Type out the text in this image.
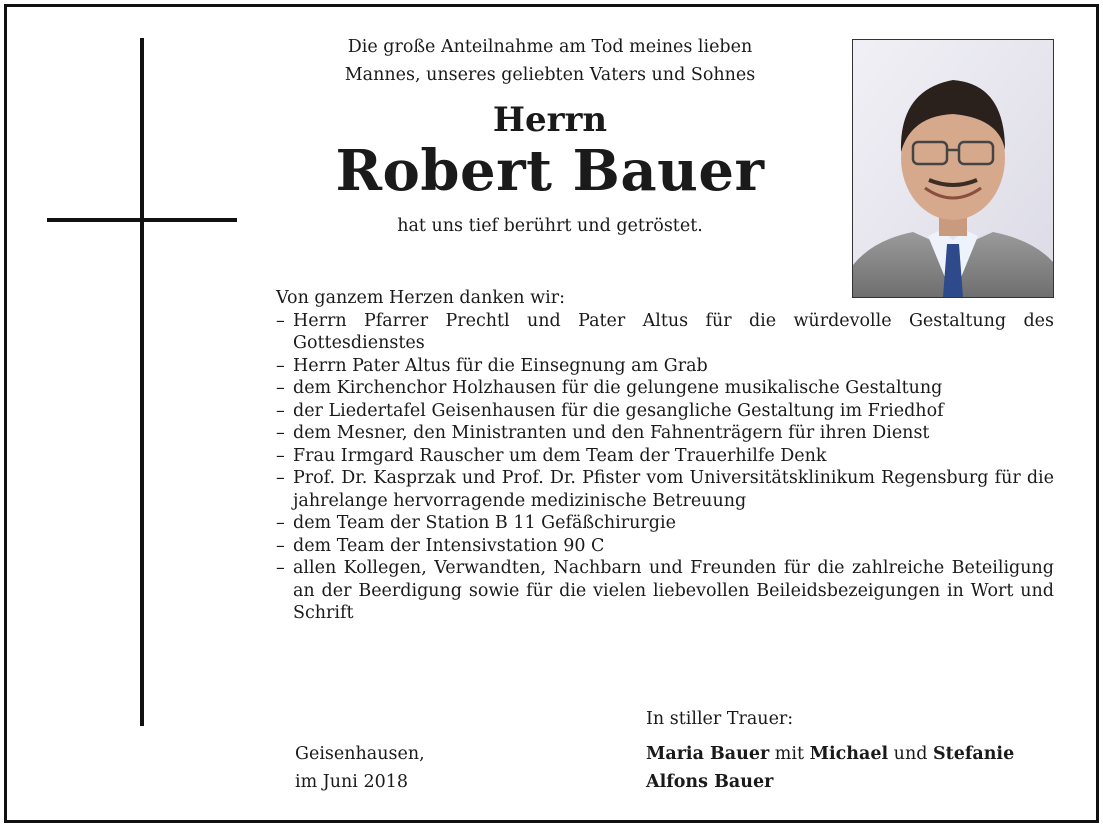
Die große Anteilnahme am Tod meines lieben
Mannes, unseres geliebten Vaters und Sohnes
Herrn
Robert Bauer
hat uns tief berührt und getröstet.

Von ganzem Herzen danken wir:

– Herrn Pfarrer Prechtl und Pater Altus für die würdevolle Gestaltung des Gottesdienstes
– Herrn Pater Altus für die Einsegnung am Grab
– dem Kirchenchor Holzhausen für die gelungene musikalische Gestaltung
– der Liedertafel Geisenhausen für die gesangliche Gestaltung im Friedhof
– dem Mesner, den Ministranten und den Fahnenträgern für ihren Dienst
– Frau Irmgard Rauscher um dem Team der Trauerhilfe Denk
– Prof. Dr. Kasprzak und Prof. Dr. Pfister vom Universitätsklinikum Regensburg für die jahrelange hervorragende medizinische Betreuung
– dem Team der Station B 11 Gefäßchirurgie
– dem Team der Intensivstation 90 C
– allen Kollegen, Verwandten, Nachbarn und Freunden für die zahlreiche Beteiligung an der Beerdigung sowie für die vielen liebevollen Beileidsbezeigungen in Wort und Schrift
In stiller Trauer:
Geisenhausen,
im Juni 2018
Maria Bauer mit Michael und Stefanie
Alfons Bauer
